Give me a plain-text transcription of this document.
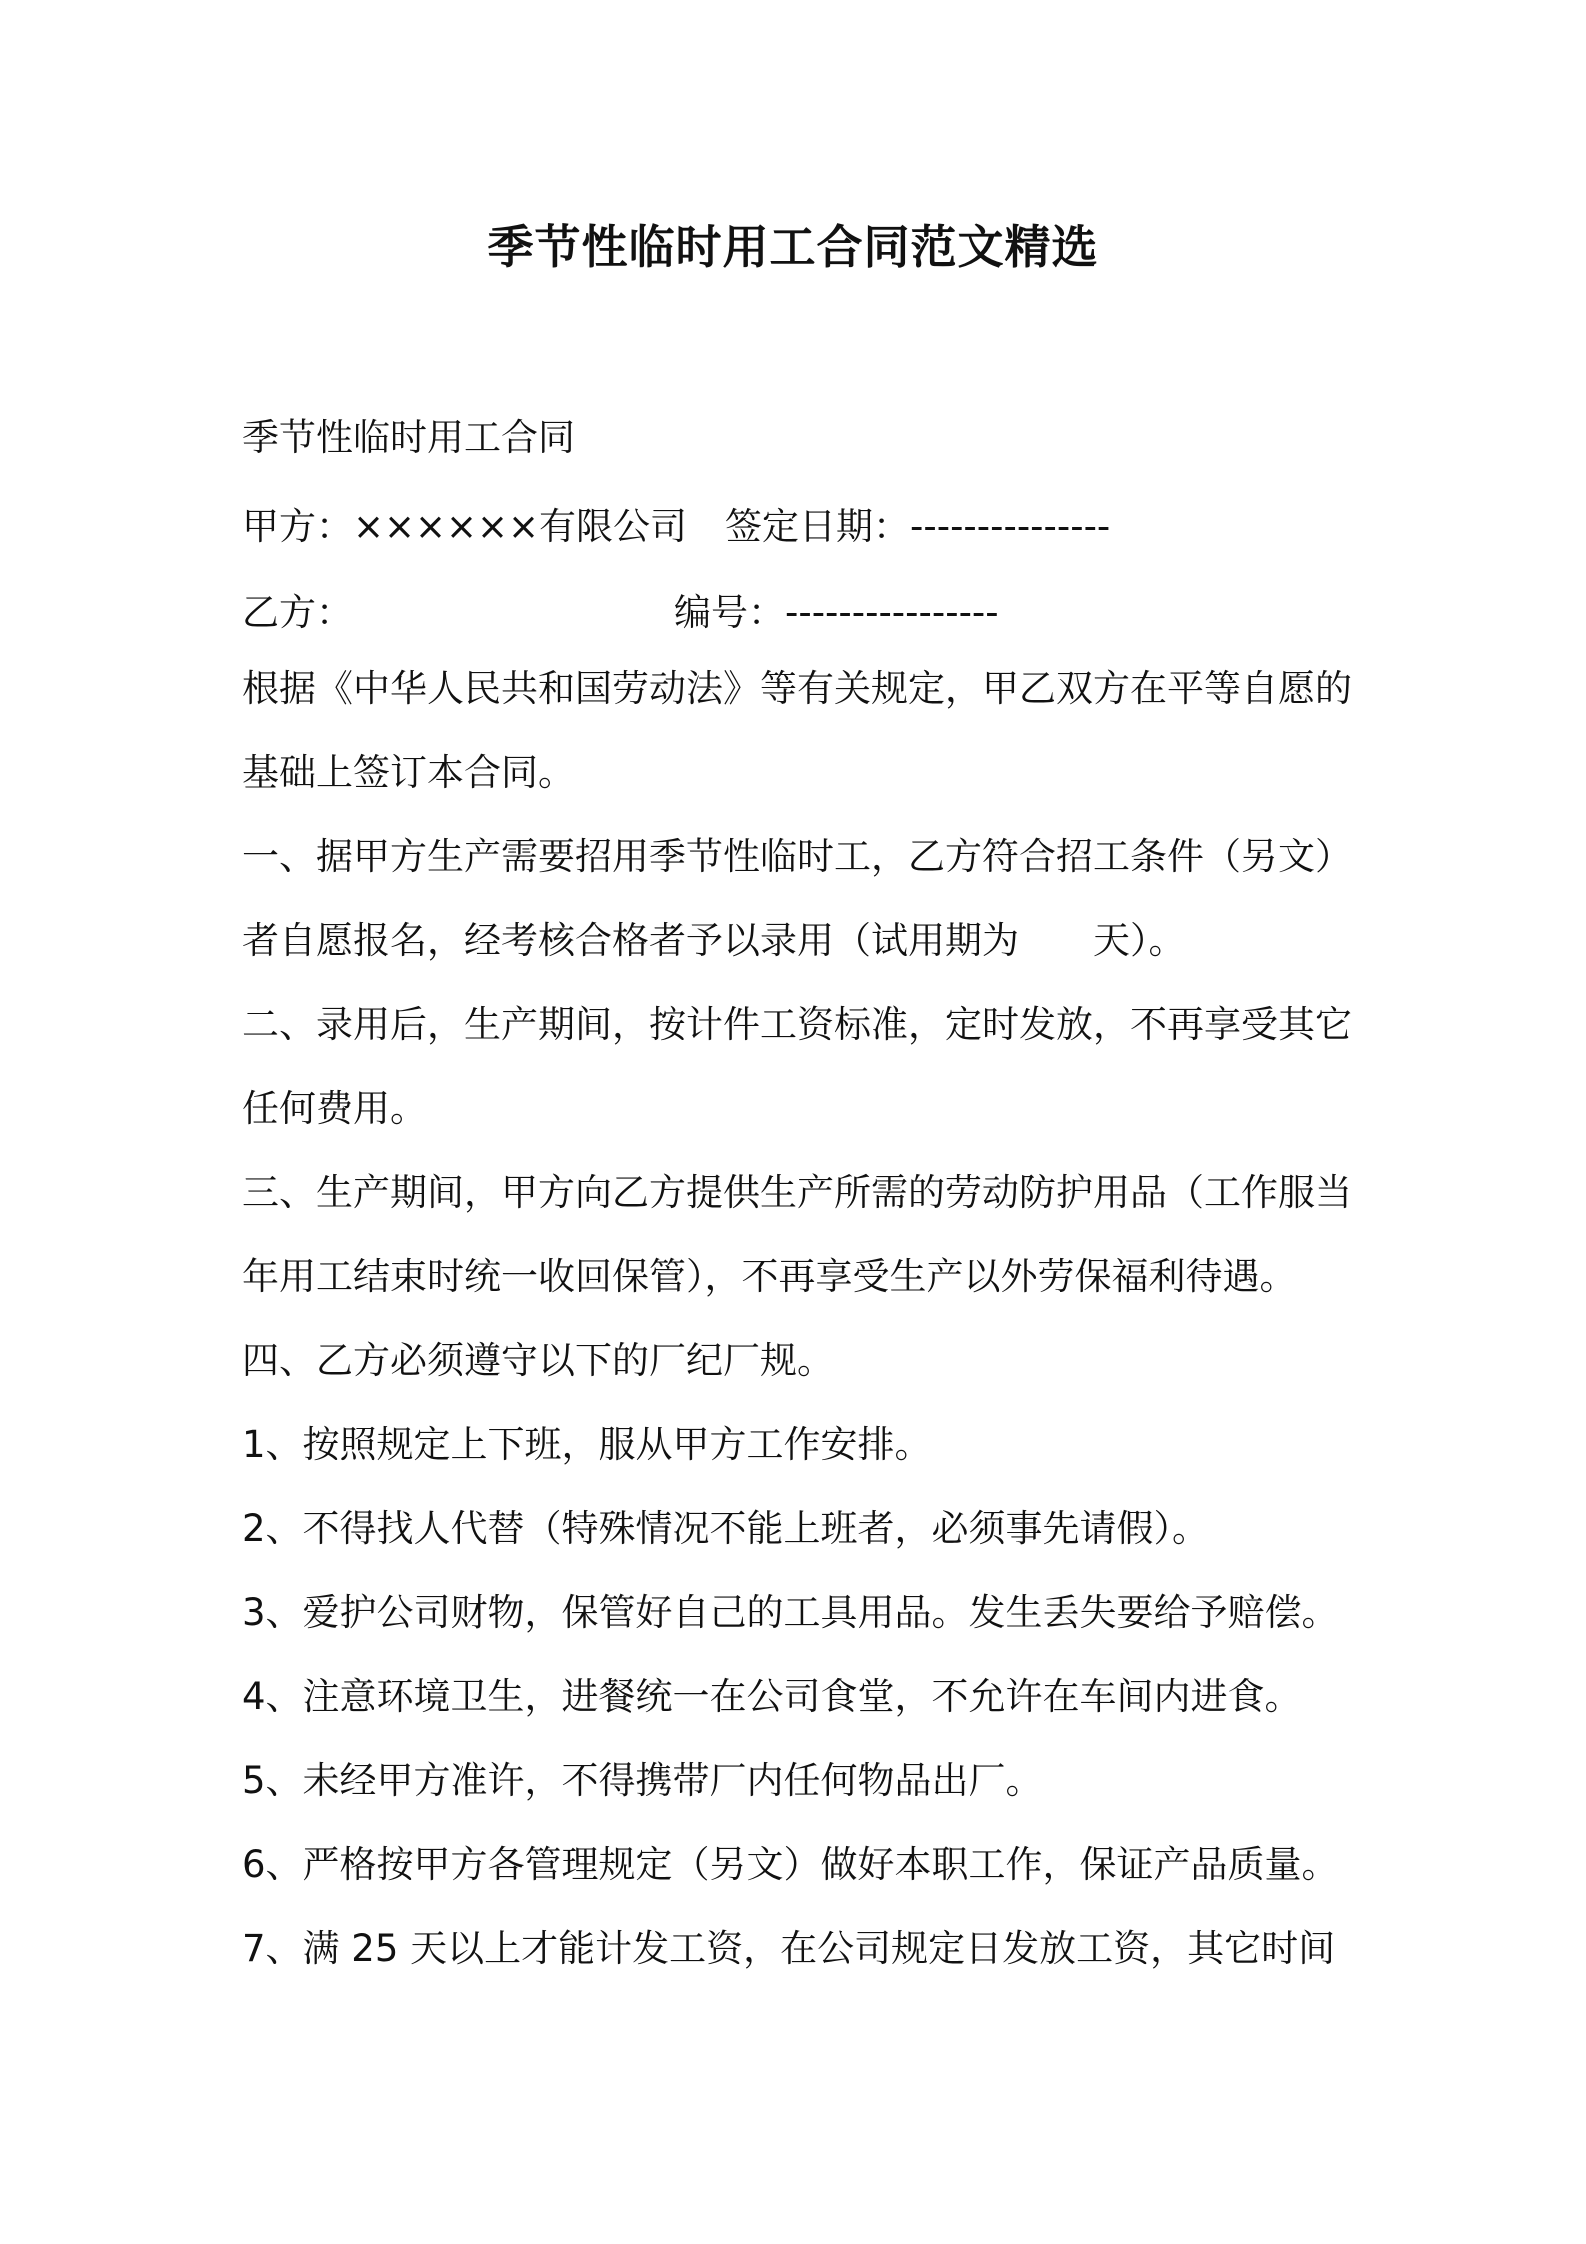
季节性临时用工合同范文精选
季节性临时用工合同
甲方：××××××有限公司 签定日期：---------------
乙方：	编号：----------------
根据《中华人民共和国劳动法》等有关规定，甲乙双方在平等自愿的
基础上签订本合同。
一、据甲方生产需要招用季节性临时工，乙方符合招工条件（另文）
者自愿报名，经考核合格者予以录用（试用期为　　天）。
二、录用后，生产期间，按计件工资标准，定时发放，不再享受其它
任何费用。
三、生产期间，甲方向乙方提供生产所需的劳动防护用品（工作服当
年用工结束时统一收回保管），不再享受生产以外劳保福利待遇。
四、乙方必须遵守以下的厂纪厂规。
1、按照规定上下班，服从甲方工作安排。
2、不得找人代替（特殊情况不能上班者，必须事先请假）。
3、爱护公司财物，保管好自己的工具用品。发生丢失要给予赔偿。
4、注意环境卫生，进餐统一在公司食堂，不允许在车间内进食。
5、未经甲方准许，不得携带厂内任何物品出厂。
6、严格按甲方各管理规定（另文）做好本职工作，保证产品质量。
7、满 25 天以上才能计发工资，在公司规定日发放工资，其它时间
